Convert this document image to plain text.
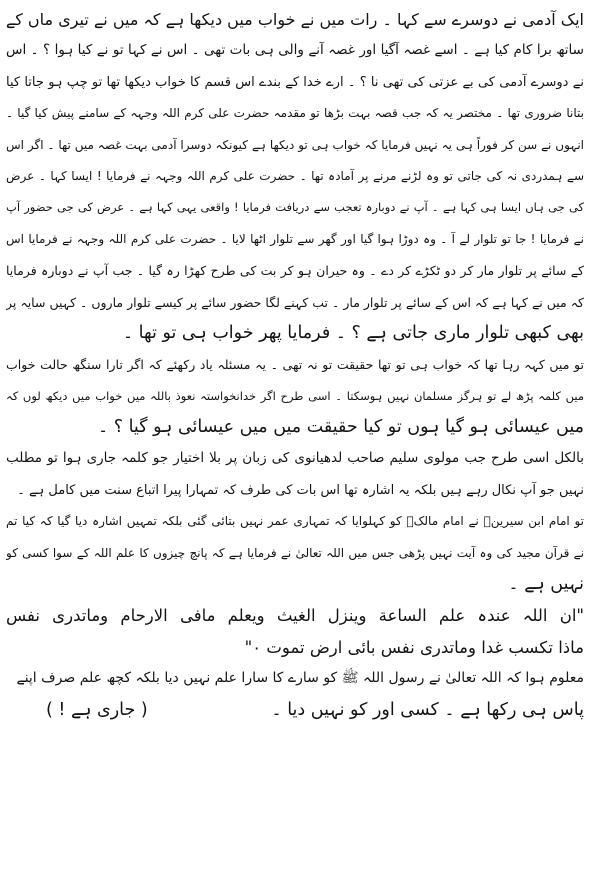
ایک آدمی نے دوسرے سے کہا ۔ رات میں نے خواب میں دیکھا ہے کہ میں نے تیری ماں کے
ساتھ برا کام کیا ہے ۔ اسے غصہ آگیا اور غصہ آنے والی ہی بات تھی ۔ اس نے کہا تو نے کیا ہوا ؟ ۔ اس
نے دوسرے آدمی کی بے عزتی کی تھی نا ؟ ۔ ارے خدا کے بندے اس قسم کا خواب دیکھا تھا تو چپ ہو جاتا کیا
بتانا ضروری تھا ۔ مختصر یہ کہ جب قصہ بہت بڑھا تو مقدمہ حضرت علی کرم اللہ وجہہ کے سامنے پیش کیا گیا ۔
انہوں نے سن کر فوراً ہی یہ نہیں فرمایا کہ خواب ہی تو دیکھا ہے کیونکہ دوسرا آدمی بہت غصہ میں تھا ۔ اگر اس
سے ہمدردی نہ کی جاتی تو وہ لڑنے مرنے پر آمادہ تھا ۔ حضرت علی کرم اللہ وجہہ نے فرمایا ! ایسا کہا ۔ عرض
کی جی ہاں ایسا ہی کہا ہے ۔ آپ نے دوبارہ تعجب سے دریافت فرمایا ! واقعی یہی کہا ہے ۔ عرض کی جی حضور آپ
نے فرمایا ! جا تو تلوار لے آ ۔ وہ دوڑا ہوا گیا اور گھر سے تلوار اٹھا لایا ۔ حضرت علی کرم اللہ وجہہ نے فرمایا اس
کے سائے پر تلوار مار کر دو ٹکڑے کر دے ۔ وہ حیران ہو کر بت کی طرح کھڑا رہ گیا ۔ جب آپ نے دوبارہ فرمایا
کہ میں نے کہا ہے کہ اس کے سائے پر تلوار مار ۔ تب کہنے لگا حضور سائے پر کیسے تلوار ماروں ۔ کہیں سایہ پر
بھی کبھی تلوار ماری جاتی ہے ؟ ۔ فرمایا پھر خواب ہی تو تھا ۔
تو میں کہہ رہا تھا کہ خواب ہی تو تھا حقیقت تو نہ تھی ۔ یہ مسئلہ یاد رکھئے کہ اگر تارا سنگھ حالت خواب
میں کلمہ پڑھ لے تو ہرگز مسلمان نہیں ہوسکتا ۔ اسی طرح اگر خدانخواستہ نعوذ باللہ میں خواب میں دیکھ لوں کہ
میں عیسائی ہو گیا ہوں تو کیا حقیقت میں میں عیسائی ہو گیا ؟ ۔
بالکل اسی طرح جب مولوی سلیم صاحب لدھیانوی کی زبان پر بلا اختیار جو کلمہ جاری ہوا تو مطلب
نہیں جو آپ نکال رہے ہیں بلکہ یہ اشارہ تھا اس بات کی طرف کہ تمہارا پیرا اتباع سنت میں کامل ہے ۔
تو امام ابن سیرینؒ نے امام مالکؒ کو کہلوایا کہ تمہاری عمر نہیں بتائی گئی بلکہ تمہیں اشارہ دیا گیا کہ کیا تم
نے قرآن مجید کی وہ آیت نہیں پڑھی جس میں اللہ تعالیٰ نے فرمایا ہے کہ پانچ چیزوں کا علم اللہ کے سوا کسی کو
نہیں ہے ۔
"ان اللہ عندہ علم الساعة وینزل الغیث ویعلم مافی الارحام وماتدری نفس
ماذا تکسب غدا وماتدری نفس بائی ارض تموت ٠"
معلوم ہوا کہ اللہ تعالیٰ نے رسول اللہ ﷺ کو سارے کا سارا علم نہیں دیا بلکہ کچھ علم صرف اپنے
پاس ہی رکھا ہے ۔ کسی اور کو نہیں دیا ۔
( جاری ہے ! )
